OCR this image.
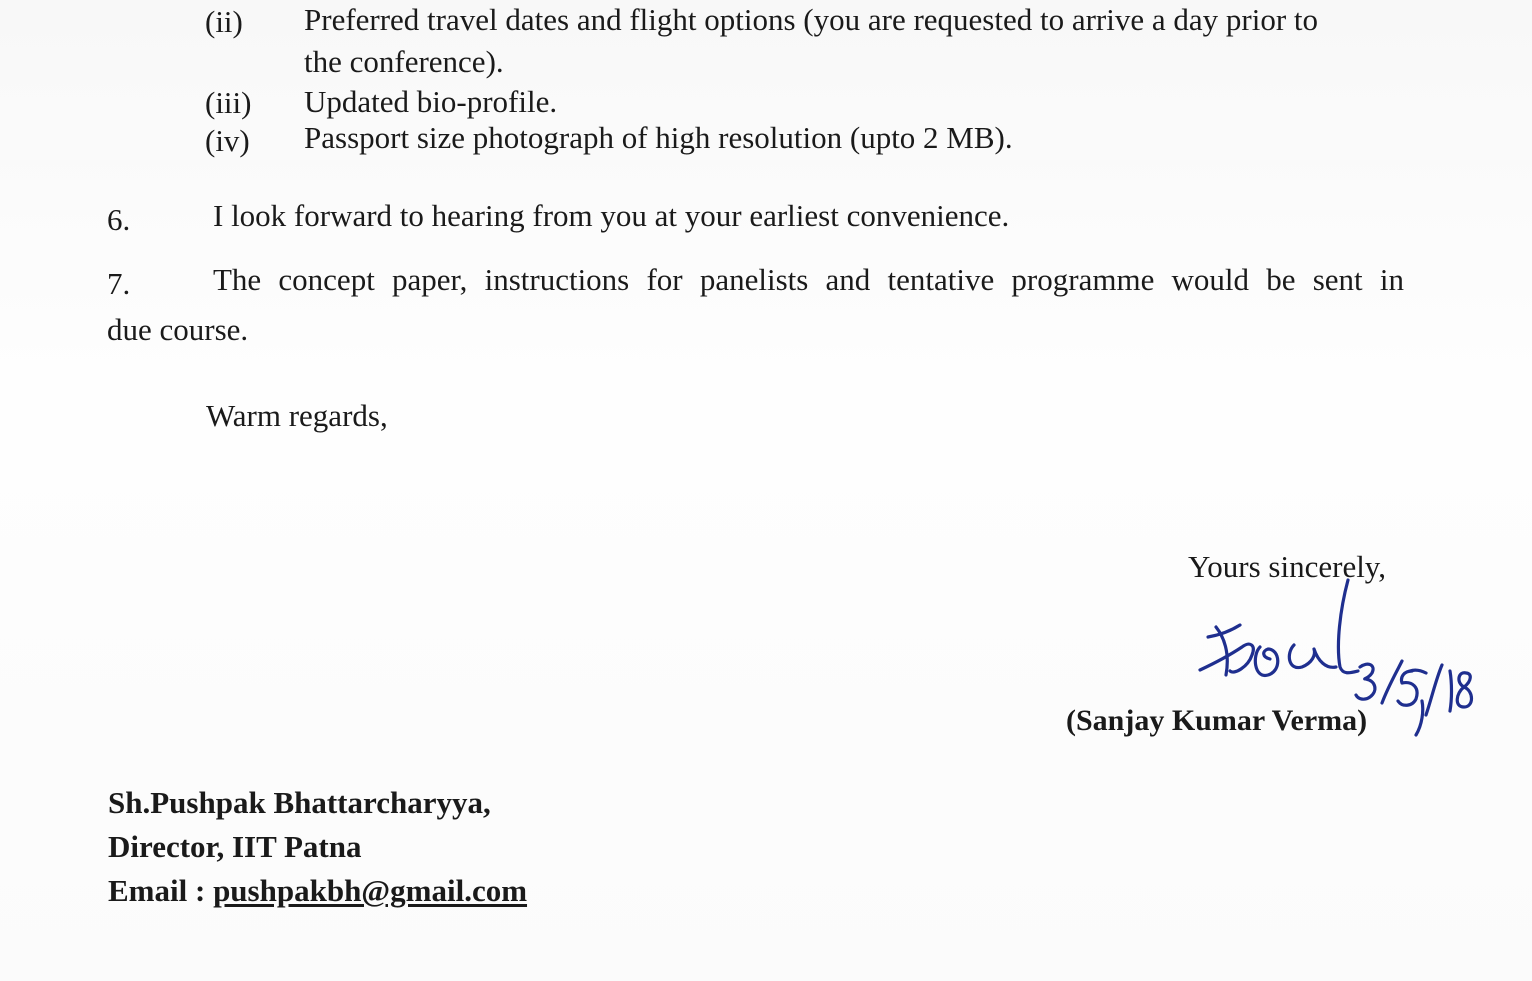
(ii) Preferred travel dates and flight options (you are requested to arrive a day prior to
the conference).
(iii) Updated bio-profile.
(iv) Passport size photograph of high resolution (upto 2 MB).
6.	I look forward to hearing from you at your earliest convenience.
7.	The concept paper, instructions for panelists and tentative programme would be sent in
due course.
Warm regards,
Yours sincerely,
(Sanjay Kumar Verma)
Sh.Pushpak Bhattarcharyya,
Director, IIT Patna
Email : pushpakbh@gmail.com
